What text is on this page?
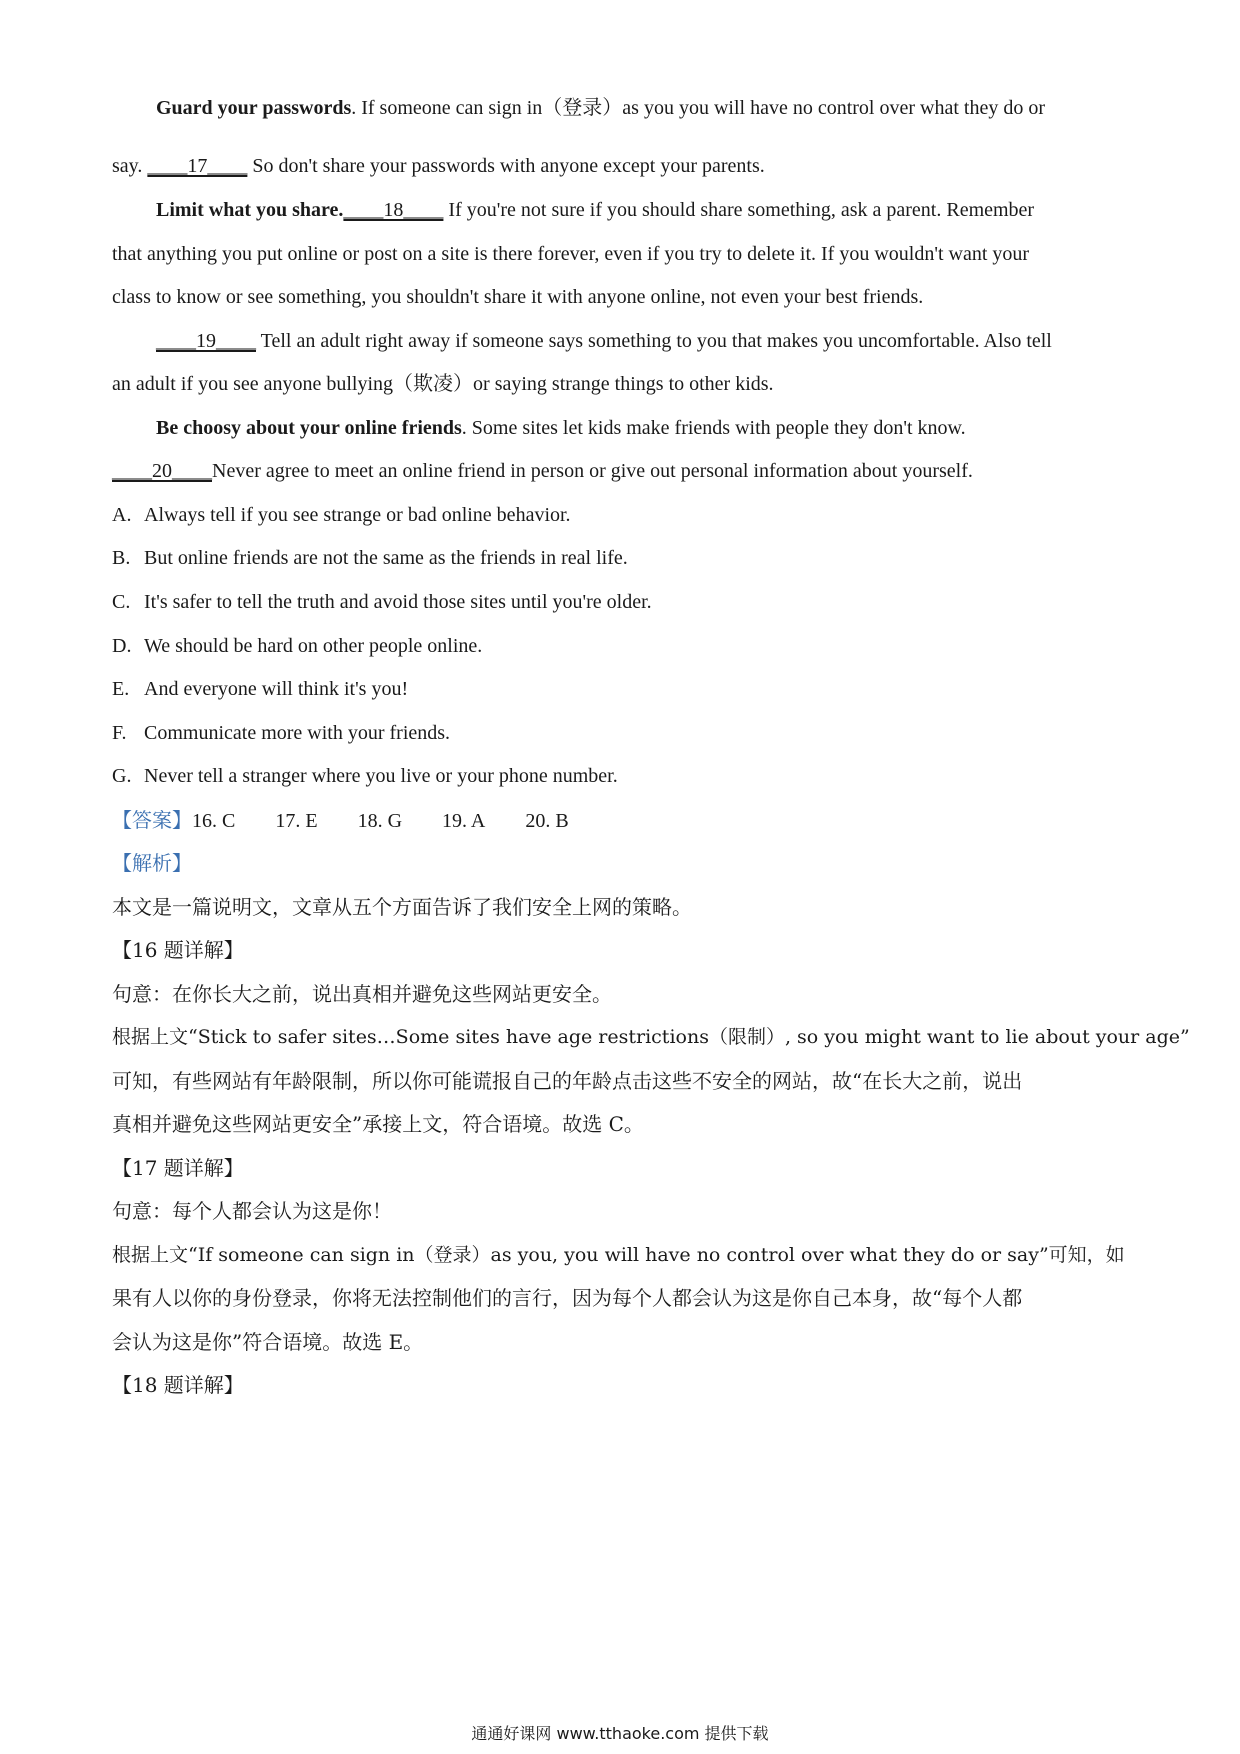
Guard your passwords. If someone can sign in（登录）as you you will have no control over what they do or
say. ____17____ So don't share your passwords with anyone except your parents.
Limit what you share.____18____ If you're not sure if you should share something, ask a parent. Remember
that anything you put online or post on a site is there forever, even if you try to delete it. If you wouldn't want your
class to know or see something, you shouldn't share it with anyone online, not even your best friends.
____19____ Tell an adult right away if someone says something to you that makes you uncomfortable. Also tell
an adult if you see anyone bullying（欺凌）or saying strange things to other kids.
Be choosy about your online friends. Some sites let kids make friends with people they don't know.
____20____Never agree to meet an online friend in person or give out personal information about yourself.
A. Always tell if you see strange or bad online behavior.
B. But online friends are not the same as the friends in real life.
C. It's safer to tell the truth and avoid those sites until you're older.
D. We should be hard on other people online.
E. And everyone will think it's you!
F. Communicate more with your friends.
G. Never tell a stranger where you live or your phone number.
【答案】16. C 17. E 18. G 19. A 20. B
【解析】
本文是一篇说明文，文章从五个方面告诉了我们安全上网的策略。
【16 题详解】
句意：在你长大之前，说出真相并避免这些网站更安全。
根据上文“Stick to safer sites…Some sites have age restrictions（限制）, so you might want to lie about your age”
可知，有些网站有年龄限制，所以你可能谎报自己的年龄点击这些不安全的网站，故“在长大之前，说出
真相并避免这些网站更安全”承接上文，符合语境。故选 C。
【17 题详解】
句意：每个人都会认为这是你！
根据上文“If someone can sign in（登录）as you, you will have no control over what they do or say”可知，如
果有人以你的身份登录，你将无法控制他们的言行，因为每个人都会认为这是你自己本身，故“每个人都
会认为这是你”符合语境。故选 E。
【18 题详解】
通通好课网 www.tthaoke.com 提供下载
